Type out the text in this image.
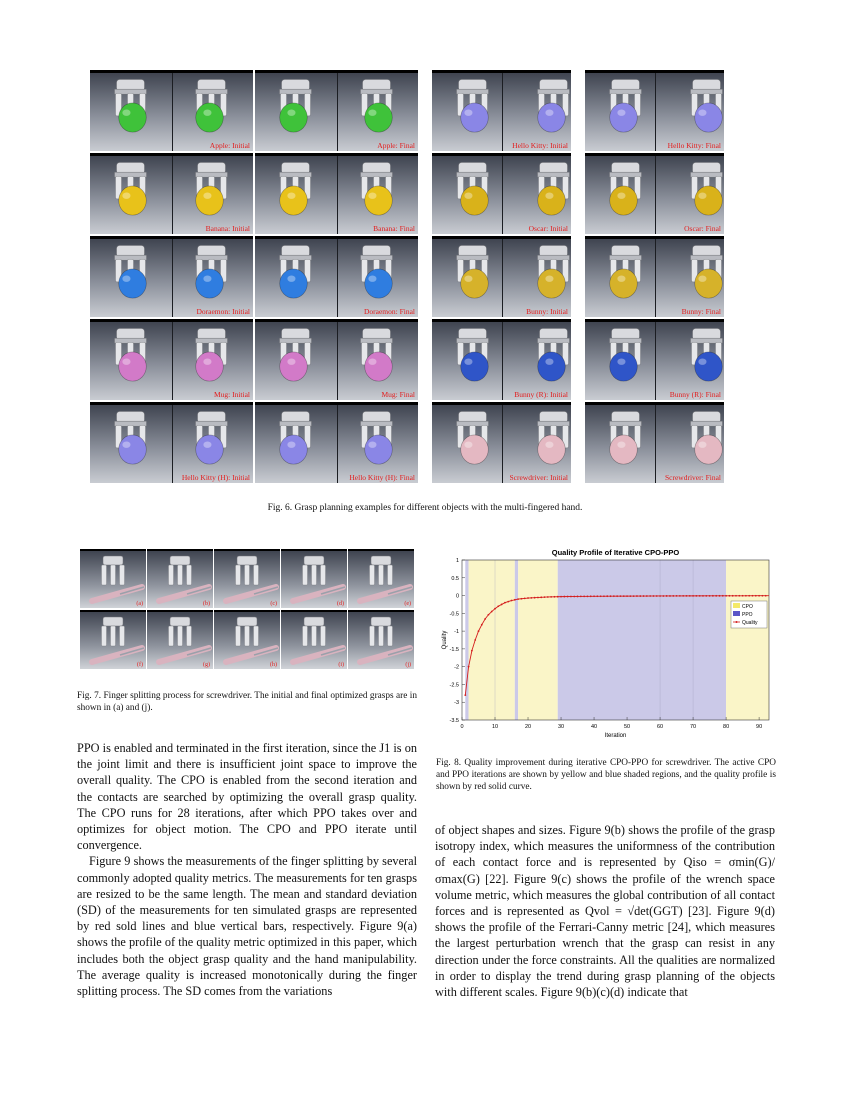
Apple: Initial	Apple: Final	Hello Kitty: Initial	Hello Kitty: Final
Banana: Initial	Banana: Final	Oscar: Initial	Oscar: Final
Doraemon: Initial	Doraemon: Final	Bunny: Initial	Bunny: Final
Mug: Initial	Mug: Final	Bunny (R): Initial	Bunny (R): Final
Hello Kitty (H): Initial	Hello Kitty (H): Final	Screwdriver: Initial	Screwdriver: Final
Fig. 6. Grasp planning examples for different objects with the multi-fingered hand.
(a)	(b)	(c)	(d)	(e)
(f)	(g)	(h)	(i)	(j)
Fig. 7. Finger splitting process for screwdriver. The initial and final optimized grasps are in shown in (a) and (j).
Quality Profile of Iterative CPO-PPO
1
0.5
0
-0.5
-1
-1.5
-2
-2.5
-3
-3.5
0	10	20	30	40	50	60	70	80	90
Iteration
Quality
CPO
PPO
Quality
Fig. 8. Quality improvement during iterative CPO-PPO for screwdriver. The active CPO and PPO iterations are shown by yellow and blue shaded regions, and the quality profile is shown by red solid curve.
PPO is enabled and terminated in the first iteration, since the J1 is on the joint limit and there is insufficient joint space to improve the overall quality. The CPO is enabled from the second iteration and the contacts are searched by optimizing the overall grasp quality. The CPO runs for 28 iterations, after which PPO takes over and optimizes for object motion. The CPO and PPO iterate until convergence.
Figure 9 shows the measurements of the finger splitting by several commonly adopted quality metrics. The measurements for ten grasps are resized to be the same length. The mean and standard deviation (SD) of the measurements for ten simulated grasps are represented by red sold lines and blue vertical bars, respectively. Figure 9(a) shows the profile of the quality metric optimized in this paper, which includes both the object grasp quality and the hand manipulability. The average quality is increased monotonically during the finger splitting process. The SD comes from the variations
of object shapes and sizes. Figure 9(b) shows the profile of the grasp isotropy index, which measures the uniformness of the contribution of each contact force and is represented by Qiso = σmin(G)/σmax(G) [22]. Figure 9(c) shows the profile of the wrench space volume metric, which measures the global contribution of all contact forces and is represented as Qvol = √det(GGT) [23]. Figure 9(d) shows the profile of the Ferrari-Canny metric [24], which measures the largest perturbation wrench that the grasp can resist in any direction under the force constraints. All the qualities are normalized in order to display the trend during grasp planning of the objects with different scales. Figure 9(b)(c)(d) indicate that
